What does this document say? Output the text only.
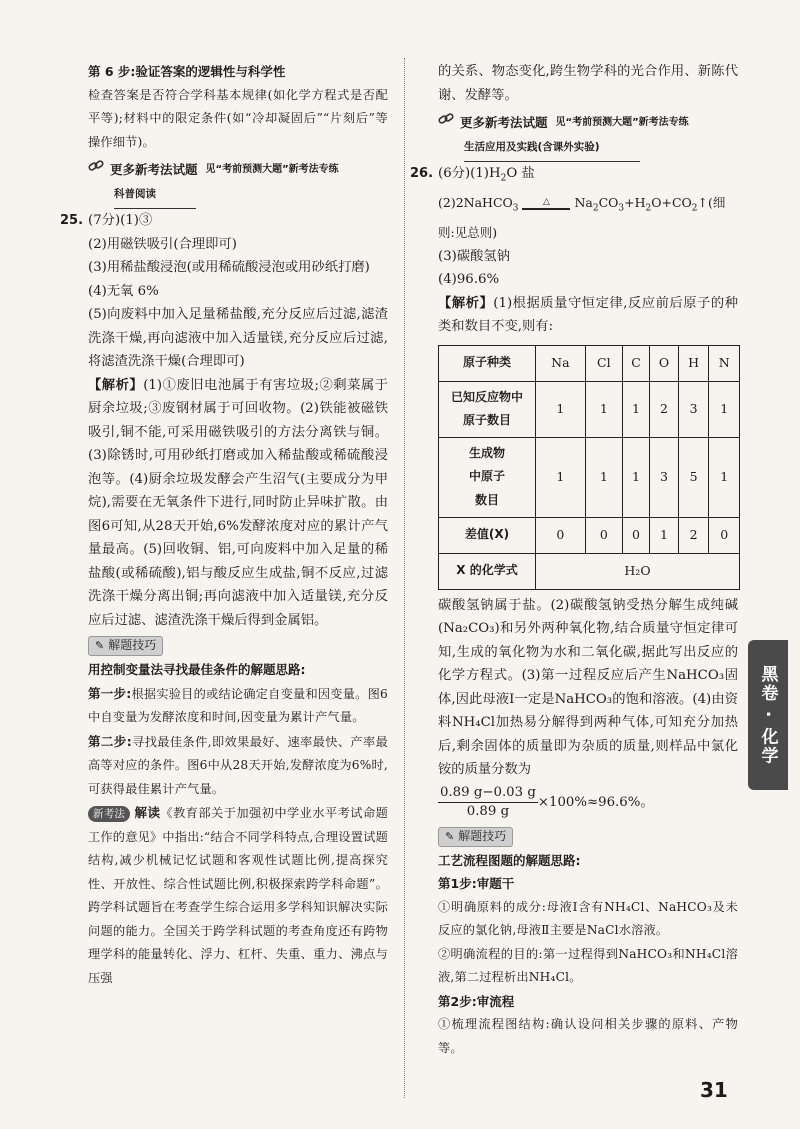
第 6 步:验证答案的逻辑性与科学性

检查答案是否符合学科基本规律(如化学方程式是否配平等);材料中的限定条件(如“冷却凝固后”“片刻后”等操作细节)。

更多新考法试题 见“考前预测大题”新考法专练
科普阅读
25. (7分)(1)③
(2)用磁铁吸引(合理即可)

(3)用稀盐酸浸泡(或用稀硫酸浸泡或用砂纸打磨)

(4)无氧 6%

(5)向废料中加入足量稀盐酸,充分反应后过滤,滤渣洗涤干燥,再向滤液中加入适量镁,充分反应后过滤,将滤渣洗涤干燥(合理即可)

【解析】(1)①废旧电池属于有害垃圾;②剩菜属于厨余垃圾;③废钢材属于可回收物。(2)铁能被磁铁吸引,铜不能,可采用磁铁吸引的方法分离铁与铜。(3)除锈时,可用砂纸打磨或加入稀盐酸或稀硫酸浸泡等。(4)厨余垃圾发酵会产生沼气(主要成分为甲烷),需要在无氧条件下进行,同时防止异味扩散。由图6可知,从28天开始,6%发酵浓度对应的累计产气量最高。(5)回收铜、铝,可向废料中加入足量的稀盐酸(或稀硫酸),铝与酸反应生成盐,铜不反应,过滤洗涤干燥分离出铜;再向滤液中加入适量镁,充分反应后过滤、滤渣洗涤干燥后得到金属铝。

✎ 解题技巧
用控制变量法寻找最佳条件的解题思路:

第一步:根据实验目的或结论确定自变量和因变量。图6中自变量为发酵浓度和时间,因变量为累计产气量。

第二步:寻找最佳条件,即效果最好、速率最快、产率最高等对应的条件。图6中从28天开始,发酵浓度为6%时,可获得最佳累计产气量。

新考法 解读《教育部关于加强初中学业水平考试命题工作的意见》中指出:“结合不同学科特点,合理设置试题结构,减少机械记忆试题和客观性试题比例,提高探究性、开放性、综合性试题比例,积极探索跨学科命题”。跨学科试题旨在考查学生综合运用多学科知识解决实际问题的能力。全国关于跨学科试题的考查角度还有跨物理学科的能量转化、浮力、杠杆、失重、重力、沸点与压强

的关系、物态变化,跨生物学科的光合作用、新陈代谢、发酵等。

更多新考法试题 见“考前预测大题”新考法专练
生活应用及实践(含课外实验)
26. (6分)$(1)H_2O$ 盐
(2)2NaHCO$_3$
△	$Na_2CO_3+H_2O+CO_2↑$(细则:见总则)
(3)碳酸氢钠
(4)96.6%

【解析】(1)根据质量守恒定律,反应前后原子的种类和数目不变,则有:

原子种类	Na	Cl	C	O	H	N

已知反应物中
原子数目	1	1	1	2	3	1

生成物
中原子
数目	1	1	1	3	5	1
差值(X)	0	0	0	1	2	0
X 的化学式	H₂O					

碳酸氢钠属于盐。(2)碳酸氢钠受热分解生成纯碱(Na₂CO₃)和另外两种氧化物,结合质量守恒定律可知,生成的氧化物为水和二氧化碳,据此写出反应的化学方程式。(3)第一过程反应后产生NaHCO₃固体,因此母液Ⅰ一定是NaHCO₃的饱和溶液。(4)由资料NH₄Cl加热易分解得到两种气体,可知充分加热后,剩余固体的质量即为杂质的质量,则样品中氯化铵的质量分数为

$\frac{0.89 g-0.03 g}{0.89 g} \times 100\%\approx 96.6\%$。
✎ 解题技巧
工艺流程图题的解题思路:
第1步:审题干

①明确原料的成分:母液Ⅰ含有NH₄Cl、NaHCO₃及未反应的氯化钠,母液Ⅱ主要是NaCl水溶液。

②明确流程的目的:第一过程得到NaHCO₃和NH₄Cl溶液,第二过程析出NH₄Cl。

第2步:审流程

①梳理流程图结构:确认设问相关步骤的原料、产物等。

黑卷 · 化学
31
